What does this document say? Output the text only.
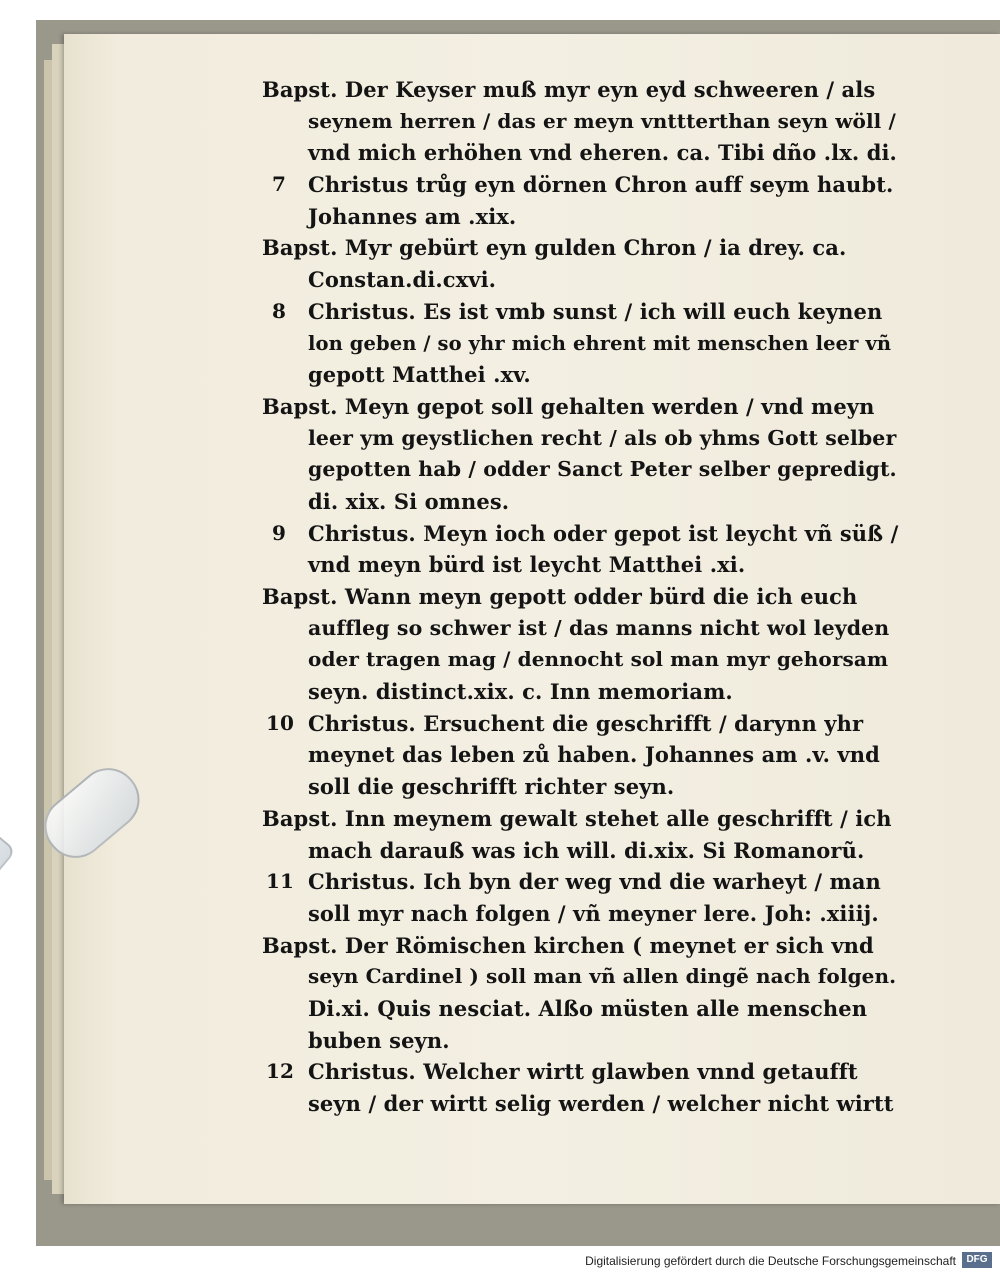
Bapst. Der Keyser muß myr eyn eyd schweeren / als
seynem herren / das er meyn vnttterthan seyn wöll /
vnd mich erhöhen vnd eheren. ca. Tibi dño .lx. di.
7 Christus trůg eyn dörnen Chron auff seym haubt.
Johannes am .xix.
Bapst. Myr gebürt eyn gulden Chron / ia drey. ca.
Constan.di.cxvi.
8 Christus. Es ist vmb sunst / ich will euch keynen
lon geben / so yhr mich ehrent mit menschen leer vñ
gepott Matthei .xv.
Bapst. Meyn gepot soll gehalten werden / vnd meyn
leer ym geystlichen recht / als ob yhms Gott selber
gepotten hab / odder Sanct Peter selber gepredigt.
di. xix. Si omnes.
9 Christus. Meyn ioch oder gepot ist leycht vñ süß /
vnd meyn bürd ist leycht Matthei .xi.
Bapst. Wann meyn gepott odder bürd die ich euch
auffleg so schwer ist / das manns nicht wol leyden
oder tragen mag / dennocht sol man myr gehorsam
seyn. distinct.xix. c. Inn memoriam.
10 Christus. Ersuchent die geschrifft / darynn yhr
meynet das leben zů haben. Johannes am .v. vnd
soll die geschrifft richter seyn.
Bapst. Inn meynem gewalt stehet alle geschrifft / ich
mach darauß was ich will. di.xix. Si Romanorũ.
11 Christus. Ich byn der weg vnd die warheyt / man
soll myr nach folgen / vñ meyner lere. Joh: .xiiij.
Bapst. Der Römischen kirchen ( meynet er sich vnd
seyn Cardinel ) soll man vñ allen dingẽ nach folgen.
Di.xi. Quis nesciat. Alßo müsten alle menschen
buben seyn.
12 Christus. Welcher wirtt glawben vnnd getaufft
seyn / der wirtt selig werden / welcher nicht wirtt
Digitalisierung gefördert durch die Deutsche Forschungsgemeinschaft	DFG
